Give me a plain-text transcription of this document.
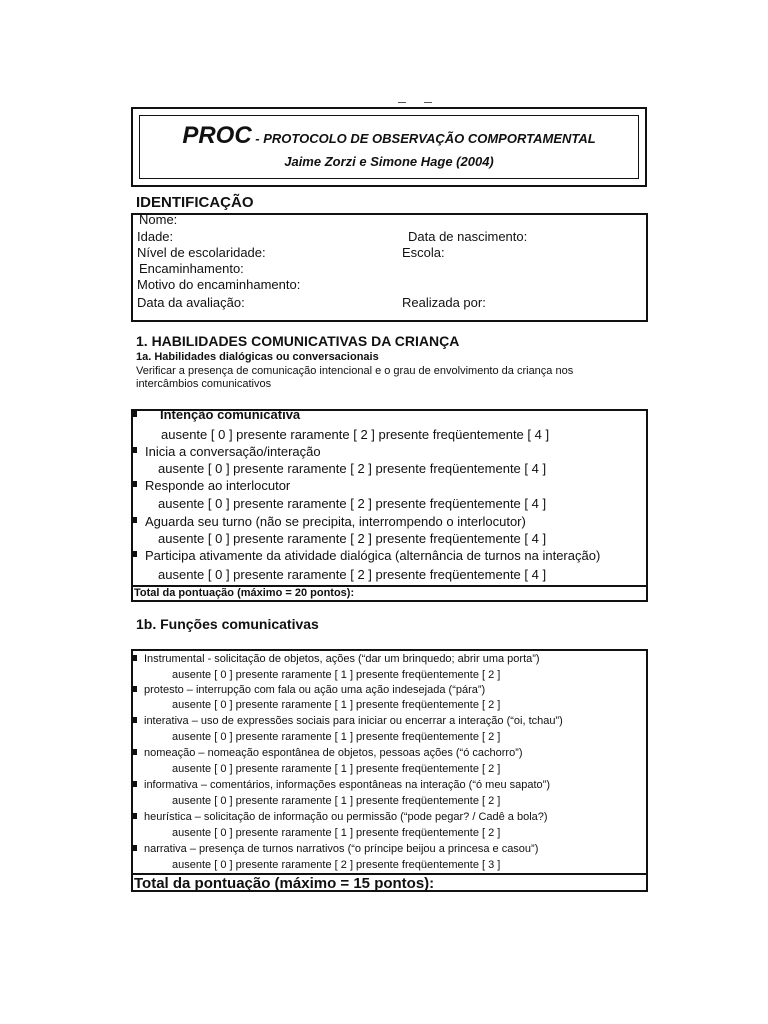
PROC - PROTOCOLO DE OBSERVAÇÃO COMPORTAMENTAL
Jaime Zorzi e Simone Hage (2004)
IDENTIFICAÇÃO
Nome:
Idade:	Data de nascimento:
Nível de escolaridade:	Escola:
Encaminhamento:
Motivo do encaminhamento:
Data da avaliação:	Realizada por:
1. HABILIDADES COMUNICATIVAS DA CRIANÇA
1a. Habilidades dialógicas ou conversacionais
Verificar a presença de comunicação intencional e o grau de envolvimento da criança nos
intercâmbios comunicativos
Intenção comunicativa
ausente [ 0 ] presente raramente [ 2 ] presente freqüentemente [ 4 ]
Inicia a conversação/interação
ausente [ 0 ] presente raramente [ 2 ] presente freqüentemente [ 4 ]
Responde ao interlocutor
ausente [ 0 ] presente raramente [ 2 ] presente freqüentemente [ 4 ]
Aguarda seu turno (não se precipita, interrompendo o interlocutor)
ausente [ 0 ] presente raramente [ 2 ] presente freqüentemente [ 4 ]
Participa ativamente da atividade dialógica (alternância de turnos na interação)
ausente [ 0 ] presente raramente [ 2 ] presente freqüentemente [ 4 ]
Total da pontuação (máximo = 20 pontos):
1b. Funções comunicativas
Instrumental - solicitação de objetos, ações (“dar um brinquedo; abrir uma porta”)
ausente [ 0 ] presente raramente [ 1 ] presente freqüentemente [ 2 ]
protesto – interrupção com fala ou ação uma ação indesejada (“pára”)
ausente [ 0 ] presente raramente [ 1 ] presente freqüentemente [ 2 ]
interativa – uso de expressões sociais para iniciar ou encerrar a interação (“oi, tchau”)
ausente [ 0 ] presente raramente [ 1 ] presente freqüentemente [ 2 ]
nomeação – nomeação espontânea de objetos, pessoas ações (“ó cachorro”)
ausente [ 0 ] presente raramente [ 1 ] presente freqüentemente [ 2 ]
informativa – comentários, informações espontâneas na interação (“ó meu sapato”)
ausente [ 0 ] presente raramente [ 1 ] presente freqüentemente [ 2 ]
heurística – solicitação de informação ou permissão (“pode pegar? / Cadê a bola?)
ausente [ 0 ] presente raramente [ 1 ] presente freqüentemente [ 2 ]
narrativa – presença de turnos narrativos (“o príncipe beijou a princesa e casou”)
ausente [ 0 ] presente raramente [ 2 ] presente freqüentemente [ 3 ]
Total da pontuação (máximo = 15 pontos):
